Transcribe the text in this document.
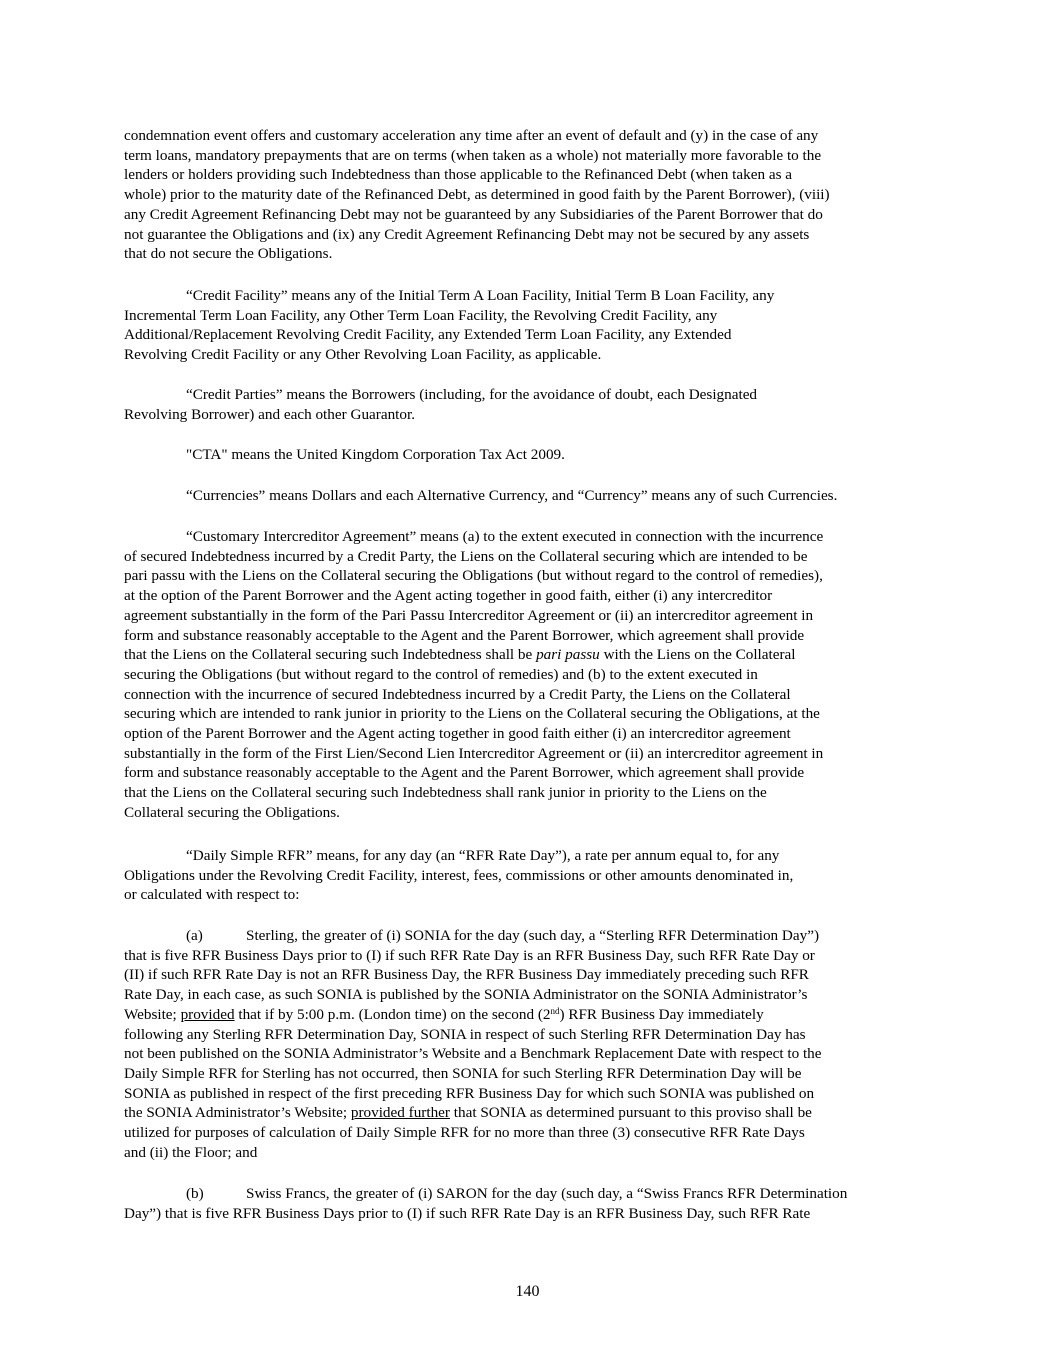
condemnation event offers and customary acceleration any time after an event of default and (y) in the case of any
term loans, mandatory prepayments that are on terms (when taken as a whole) not materially more favorable to the
lenders or holders providing such Indebtedness than those applicable to the Refinanced Debt (when taken as a
whole) prior to the maturity date of the Refinanced Debt, as determined in good faith by the Parent Borrower), (viii)
any Credit Agreement Refinancing Debt may not be guaranteed by any Subsidiaries of the Parent Borrower that do
not guarantee the Obligations and (ix) any Credit Agreement Refinancing Debt may not be secured by any assets
that do not secure the Obligations.
“Credit Facility” means any of the Initial Term A Loan Facility, Initial Term B Loan Facility, any
Incremental Term Loan Facility, any Other Term Loan Facility, the Revolving Credit Facility, any
Additional/Replacement Revolving Credit Facility, any Extended Term Loan Facility, any Extended
Revolving Credit Facility or any Other Revolving Loan Facility, as applicable.
“Credit Parties” means the Borrowers (including, for the avoidance of doubt, each Designated
Revolving Borrower) and each other Guarantor.
"CTA" means the United Kingdom Corporation Tax Act 2009.
“Currencies” means Dollars and each Alternative Currency, and “Currency” means any of such Currencies.
“Customary Intercreditor Agreement” means (a) to the extent executed in connection with the incurrence
of secured Indebtedness incurred by a Credit Party, the Liens on the Collateral securing which are intended to be
pari passu with the Liens on the Collateral securing the Obligations (but without regard to the control of remedies),
at the option of the Parent Borrower and the Agent acting together in good faith, either (i) any intercreditor
agreement substantially in the form of the Pari Passu Intercreditor Agreement or (ii) an intercreditor agreement in
form and substance reasonably acceptable to the Agent and the Parent Borrower, which agreement shall provide
that the Liens on the Collateral securing such Indebtedness shall be pari passu with the Liens on the Collateral
securing the Obligations (but without regard to the control of remedies) and (b) to the extent executed in
connection with the incurrence of secured Indebtedness incurred by a Credit Party, the Liens on the Collateral
securing which are intended to rank junior in priority to the Liens on the Collateral securing the Obligations, at the
option of the Parent Borrower and the Agent acting together in good faith either (i) an intercreditor agreement
substantially in the form of the First Lien/Second Lien Intercreditor Agreement or (ii) an intercreditor agreement in
form and substance reasonably acceptable to the Agent and the Parent Borrower, which agreement shall provide
that the Liens on the Collateral securing such Indebtedness shall rank junior in priority to the Liens on the
Collateral securing the Obligations.
“Daily Simple RFR” means, for any day (an “RFR Rate Day”), a rate per annum equal to, for any
Obligations under the Revolving Credit Facility, interest, fees, commissions or other amounts denominated in,
or calculated with respect to:
(a)	Sterling, the greater of (i) SONIA for the day (such day, a “Sterling RFR Determination Day”)
that is five RFR Business Days prior to (I) if such RFR Rate Day is an RFR Business Day, such RFR Rate Day or
(II) if such RFR Rate Day is not an RFR Business Day, the RFR Business Day immediately preceding such RFR
Rate Day, in each case, as such SONIA is published by the SONIA Administrator on the SONIA Administrator’s
Website; provided that if by 5:00 p.m. (London time) on the second (2nd) RFR Business Day immediately
following any Sterling RFR Determination Day, SONIA in respect of such Sterling RFR Determination Day has
not been published on the SONIA Administrator’s Website and a Benchmark Replacement Date with respect to the
Daily Simple RFR for Sterling has not occurred, then SONIA for such Sterling RFR Determination Day will be
SONIA as published in respect of the first preceding RFR Business Day for which such SONIA was published on
the SONIA Administrator’s Website; provided further that SONIA as determined pursuant to this proviso shall be
utilized for purposes of calculation of Daily Simple RFR for no more than three (3) consecutive RFR Rate Days
and (ii) the Floor; and
(b)	Swiss Francs, the greater of (i) SARON for the day (such day, a “Swiss Francs RFR Determination
Day”) that is five RFR Business Days prior to (I) if such RFR Rate Day is an RFR Business Day, such RFR Rate
140
